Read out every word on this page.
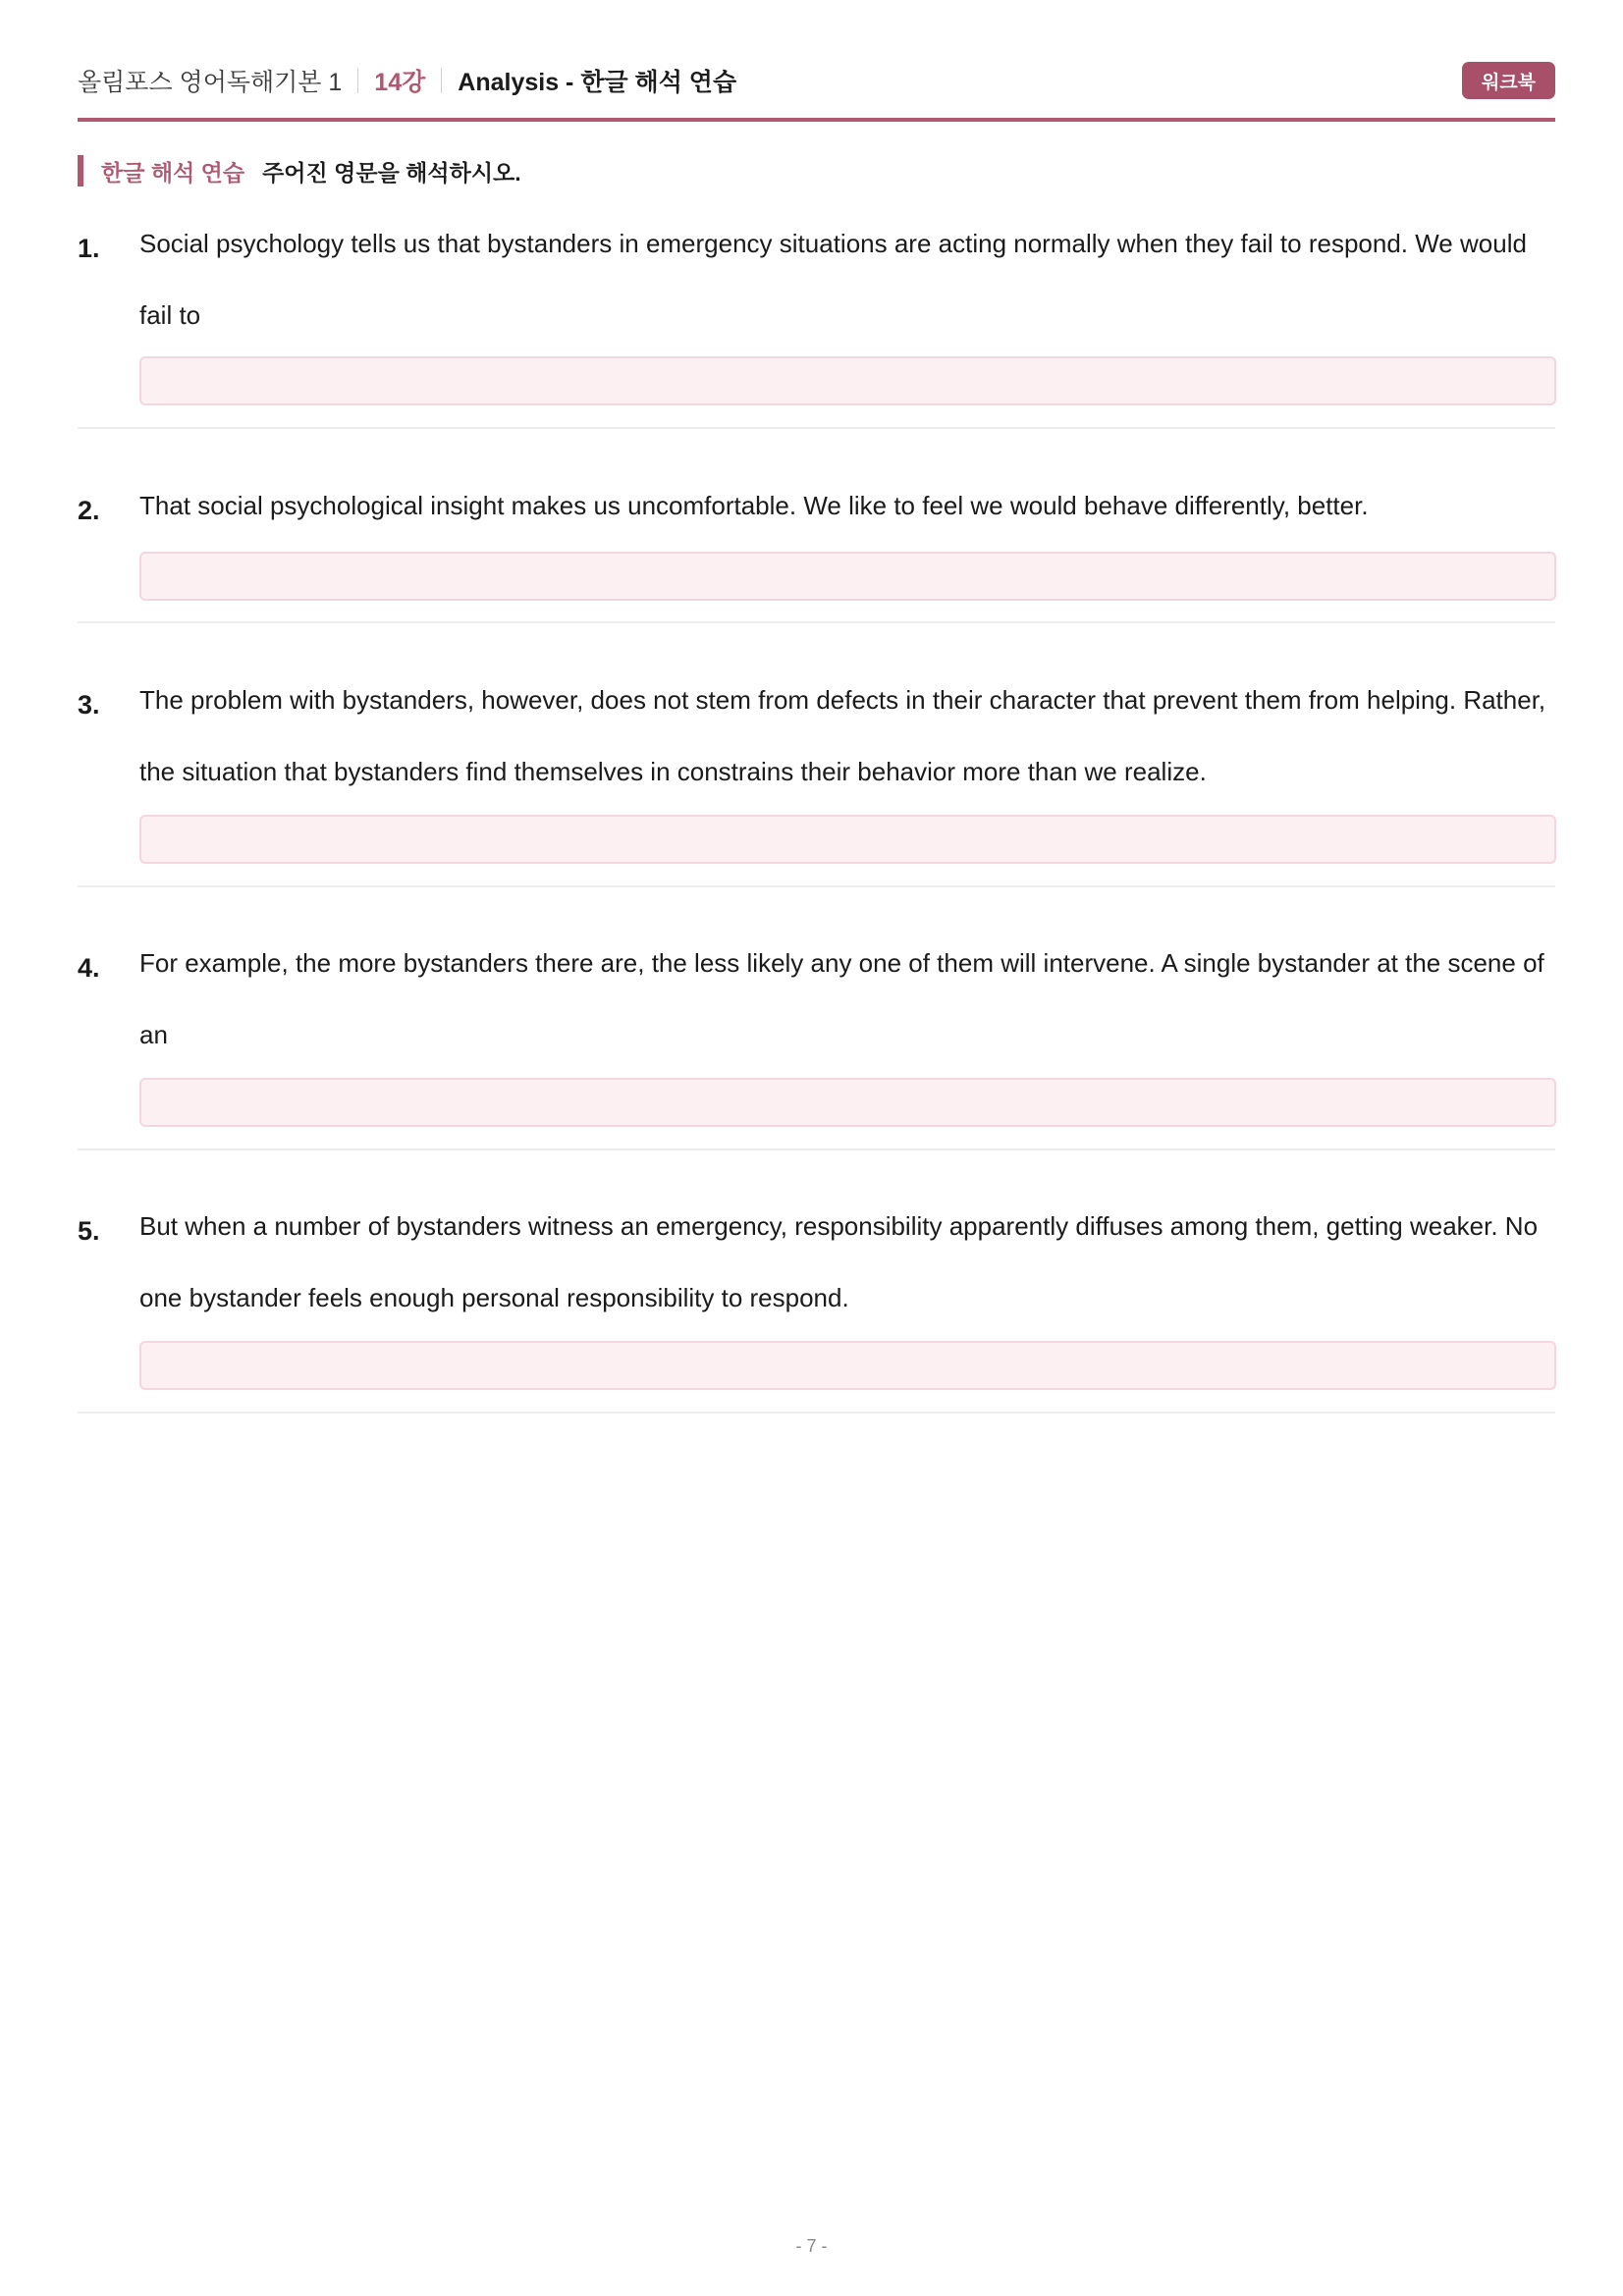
올림포스 영어독해기본 1 14강 Analysis - 한글 해석 연습	워크북
한글 해석 연습 주어진 영문을 해석하시오.
1. Social psychology tells us that bystanders in emergency situations are acting normally when they fail to respond. We would fail to
2. That social psychological insight makes us uncomfortable. We like to feel we would behave differently, better.
3. The problem with bystanders, however, does not stem from defects in their character that prevent them from helping. Rather,
the situation that bystanders find themselves in constrains their behavior more than we realize.
4. For example, the more bystanders there are, the less likely any one of them will intervene. A single bystander at the scene of an
5. But when a number of bystanders witness an emergency, responsibility apparently diffuses among them, getting weaker. No
one bystander feels enough personal responsibility to respond.
- 7 -
